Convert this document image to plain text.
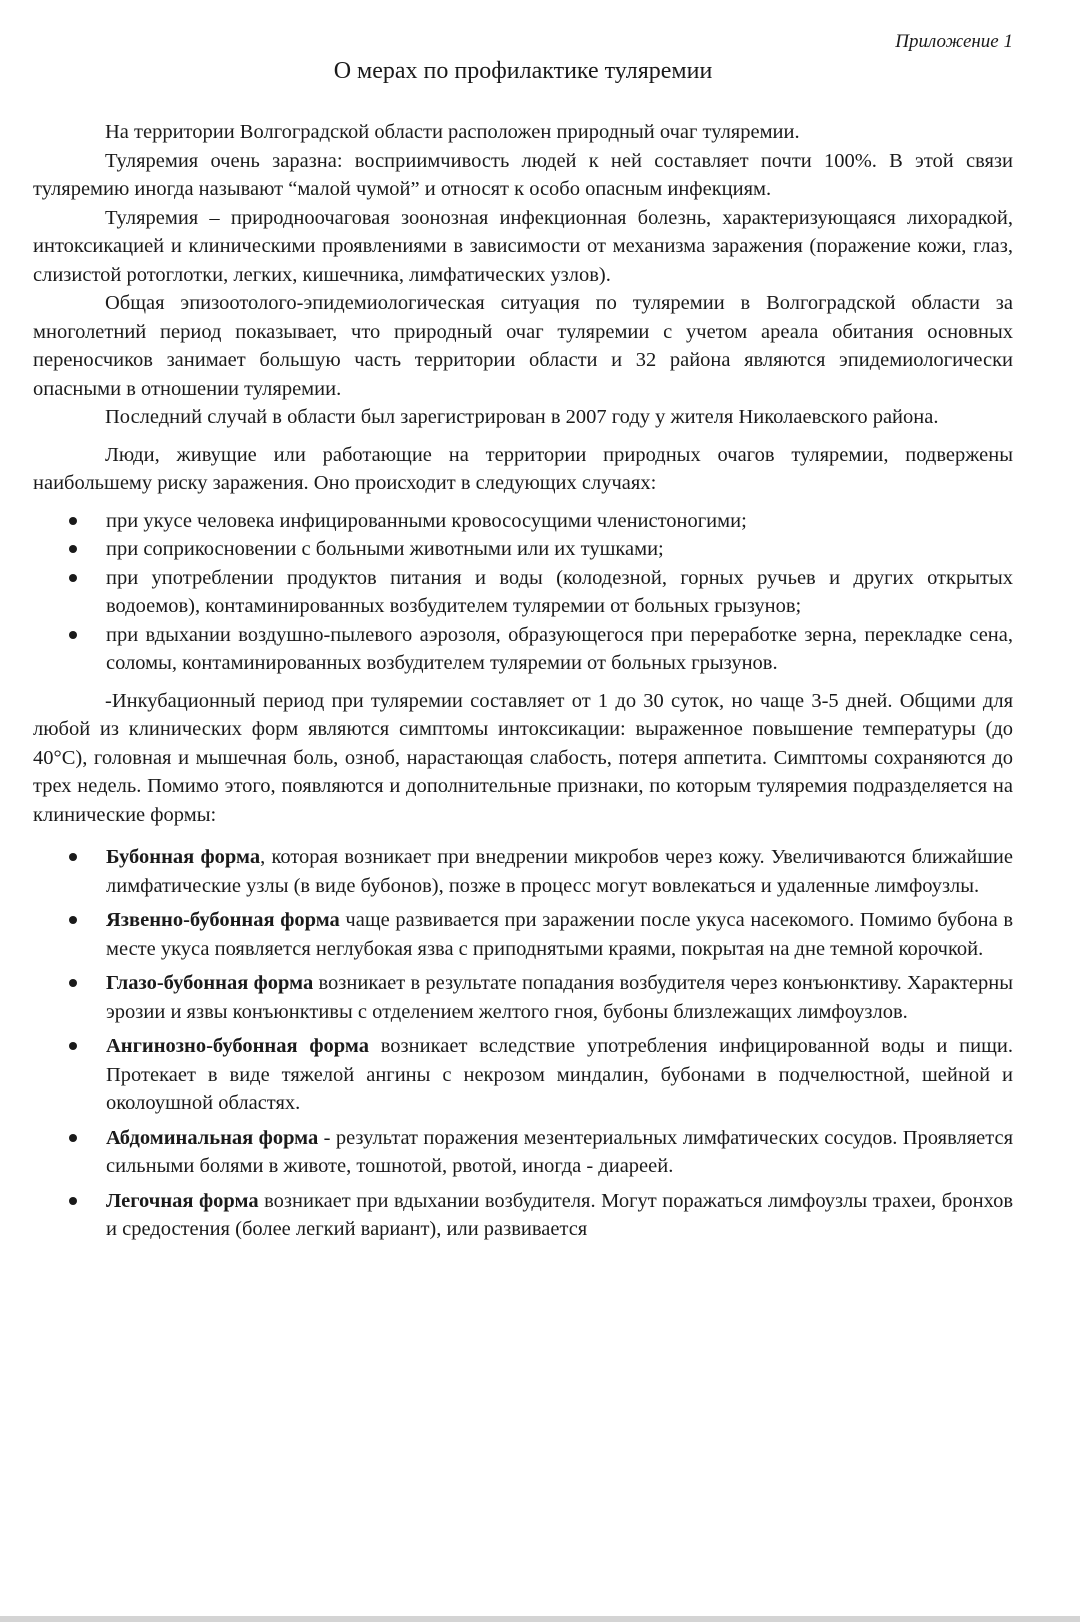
Приложение 1

О мерах по профилактике туляремии

На территории Волгоградской области расположен природный очаг туляремии.

Туляремия очень заразна: восприимчивость людей к ней составляет почти 100%. В этой связи туляремию иногда называют “малой чумой” и относят к особо опасным инфекциям.

Туляремия – природноочаговая зоонозная инфекционная болезнь, характеризующаяся лихорадкой, интоксикацией и клиническими проявлениями в зависимости от механизма заражения (поражение кожи, глаз, слизистой ротоглотки, легких, кишечника, лимфатических узлов).

Общая эпизоотолого-эпидемиологическая ситуация по туляремии в Волгоградской области за многолетний период показывает, что природный очаг туляремии с учетом ареала обитания основных переносчиков занимает большую часть территории области и 32 района являются эпидемиологически опасными в отношении туляремии.

Последний случай в области был зарегистрирован в 2007 году у жителя Николаевского района.

Люди, живущие или работающие на территории природных очагов туляремии, подвержены наибольшему риску заражения. Оно происходит в следующих случаях:

при укусе человека инфицированными кровососущими членистоногими;
при соприкосновении с больными животными или их тушками;
при употреблении продуктов питания и воды (колодезной, горных ручьев и других открытых водоемов), контаминированных возбудителем туляремии от больных грызунов;
при вдыхании воздушно-пылевого аэрозоля, образующегося при переработке зерна, перекладке сена, соломы, контаминированных возбудителем туляремии от больных грызунов.

-Инкубационный период при туляремии составляет от 1 до 30 суток, но чаще 3-5 дней. Общими для любой из клинических форм являются симптомы интоксикации: выраженное повышение температуры (до 40°С), головная и мышечная боль, озноб, нарастающая слабость, потеря аппетита. Симптомы сохраняются до трех недель. Помимо этого, появляются и дополнительные признаки, по которым туляремия подразделяется на клинические формы:

Бубонная форма, которая возникает при внедрении микробов через кожу. Увеличиваются ближайшие лимфатические узлы (в виде бубонов), позже в процесс могут вовлекаться и удаленные лимфоузлы.
Язвенно-бубонная форма чаще развивается при заражении после укуса насекомого. Помимо бубона в месте укуса появляется неглубокая язва с приподнятыми краями, покрытая на дне темной корочкой.
Глазо-бубонная форма возникает в результате попадания возбудителя через конъюнктиву. Характерны эрозии и язвы конъюнктивы с отделением желтого гноя, бубоны близлежащих лимфоузлов.
Ангинозно-бубонная форма возникает вследствие употребления инфицированной воды и пищи. Протекает в виде тяжелой ангины с некрозом миндалин, бубонами в подчелюстной, шейной и околоушной областях.
Абдоминальная форма - результат поражения мезентериальных лимфатических сосудов. Проявляется сильными болями в животе, тошнотой, рвотой, иногда - диареей.
Легочная форма возникает при вдыхании возбудителя. Могут поражаться лимфоузлы трахеи, бронхов и средостения (более легкий вариант), или развивается
